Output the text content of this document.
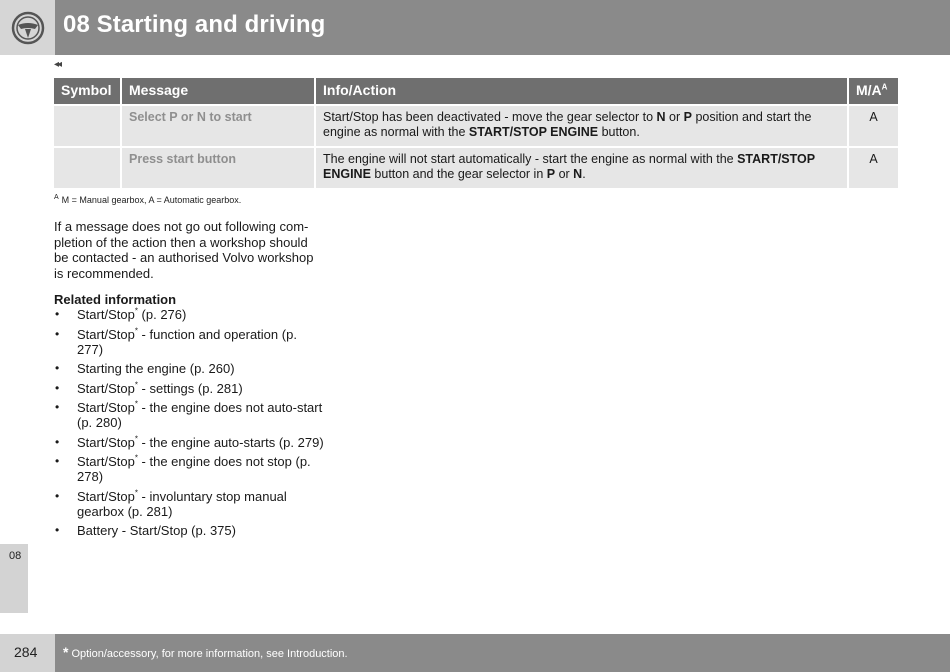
08 Starting and driving
◂◂
Symbol	Message	Info/Action	$M/A^A$
	Select P or N to start	Start/Stop has been deactivated - move the gear selector to N or P position and start the engine as normal with the START/STOP ENGINE button.	A
	Press start button	The engine will not start automatically - start the engine as normal with the START/STOP ENGINE button and the gear selector in P or N.	A
$^A$ M = Manual gearbox, A = Automatic gearbox.

If a message does not go out following com-pletion of the action then a workshop should be contacted - an authorised Volvo workshop is recommended.

Related information
• Start/Stop* (p. 276)
• Start/Stop* - function and operation (p. 277)
• Starting the engine (p. 260)
• Start/Stop* - settings (p. 281)
• Start/Stop* - the engine does not auto-start (p. 280)
• Start/Stop* - the engine auto-starts (p. 279)
• Start/Stop* - the engine does not stop (p. 278)
• Start/Stop* - involuntary stop manual gearbox (p. 281)
• Battery - Start/Stop (p. 375)
08
284 * Option/accessory, for more information, see Introduction.
